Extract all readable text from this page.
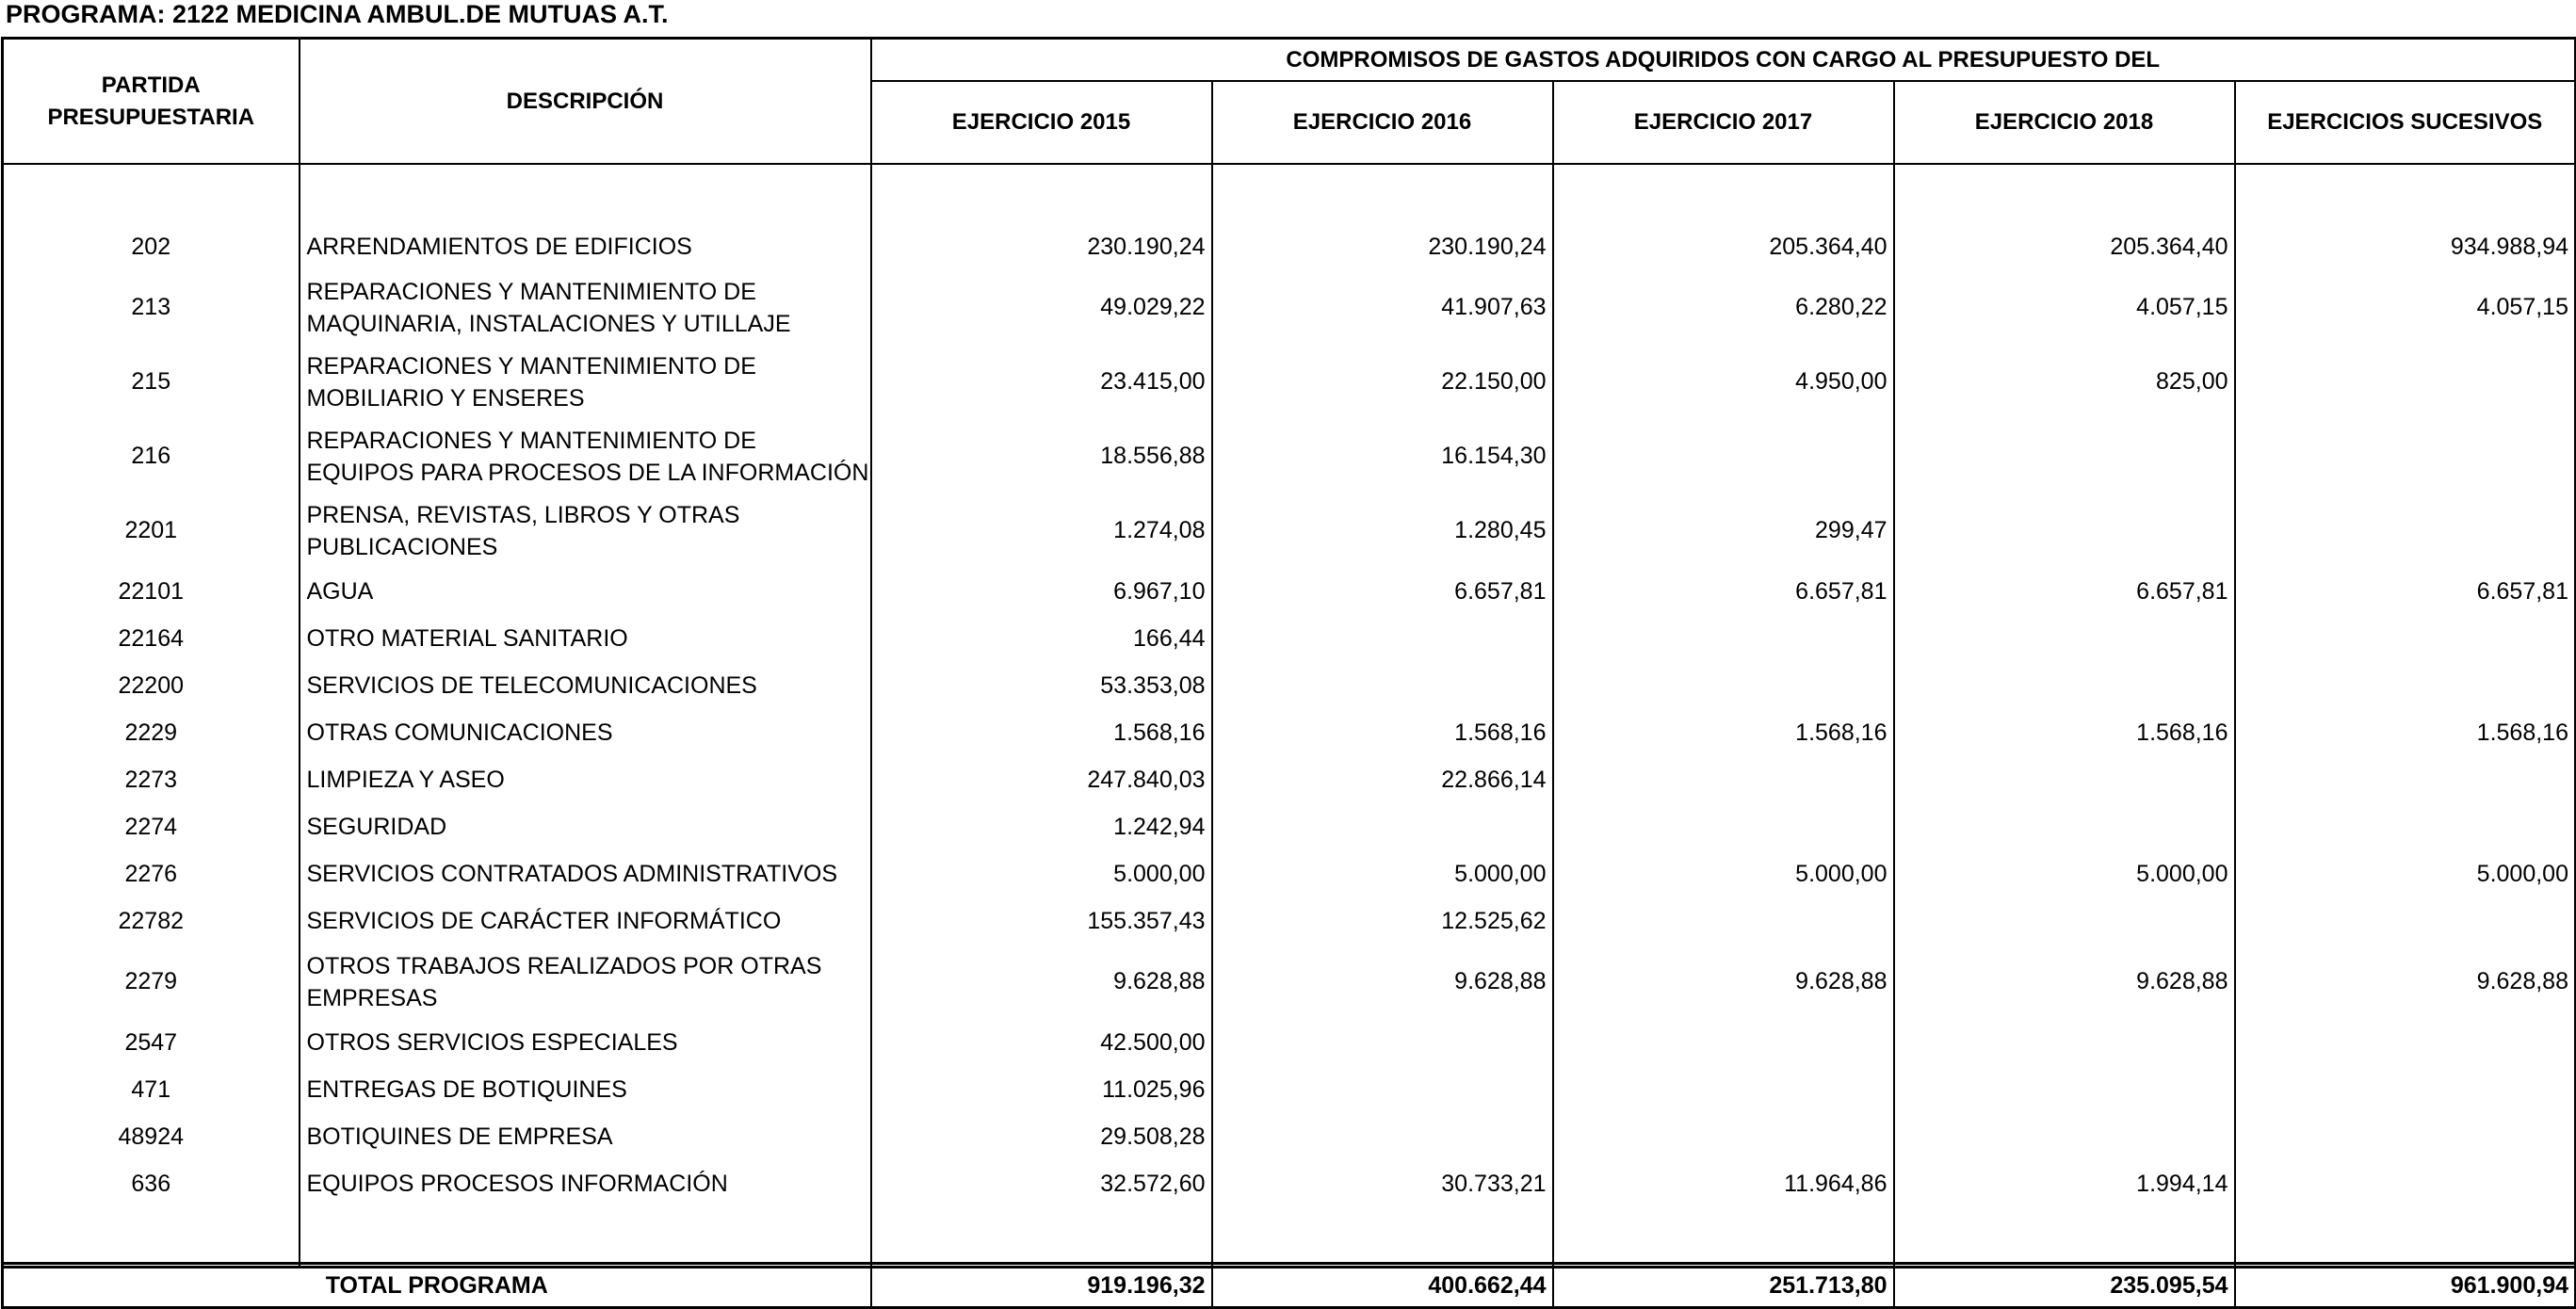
PROGRAMA: 2122 MEDICINA AMBUL.DE MUTUAS A.T.
PARTIDA PRESUPUESTARIA	DESCRIPCIÓN	COMPROMISOS DE GASTOS ADQUIRIDOS CON CARGO AL PRESUPUESTO DEL				
		EJERCICIO 2015	EJERCICIO 2016	EJERCICIO 2017	EJERCICIO 2018	EJERCICIOS SUCESIVOS

202	ARRENDAMIENTOS DE EDIFICIOS	230.190,24	230.190,24	205.364,40	205.364,40	934.988,94
213	REPARACIONES Y MANTENIMIENTO DE MAQUINARIA, INSTALACIONES Y UTILLAJE	49.029,22	41.907,63	6.280,22	4.057,15	4.057,15
215	REPARACIONES Y MANTENIMIENTO DE MOBILIARIO Y ENSERES	23.415,00	22.150,00	4.950,00	825,00	
216	REPARACIONES Y MANTENIMIENTO DE EQUIPOS PARA PROCESOS DE LA INFORMACIÓN	18.556,88	16.154,30			
2201	PRENSA, REVISTAS, LIBROS Y OTRAS PUBLICACIONES	1.274,08	1.280,45	299,47		
22101	AGUA	6.967,10	6.657,81	6.657,81	6.657,81	6.657,81
22164	OTRO MATERIAL SANITARIO	166,44				
22200	SERVICIOS DE TELECOMUNICACIONES	53.353,08				
2229	OTRAS COMUNICACIONES	1.568,16	1.568,16	1.568,16	1.568,16	1.568,16
2273	LIMPIEZA Y ASEO	247.840,03	22.866,14			
2274	SEGURIDAD	1.242,94				
2276	SERVICIOS CONTRATADOS ADMINISTRATIVOS	5.000,00	5.000,00	5.000,00	5.000,00	5.000,00
22782	SERVICIOS DE CARÁCTER INFORMÁTICO	155.357,43	12.525,62			
2279	OTROS TRABAJOS REALIZADOS POR OTRAS EMPRESAS	9.628,88	9.628,88	9.628,88	9.628,88	9.628,88
2547	OTROS SERVICIOS ESPECIALES	42.500,00				
471	ENTREGAS DE BOTIQUINES	11.025,96				
48924	BOTIQUINES DE EMPRESA	29.508,28				
636	EQUIPOS PROCESOS INFORMACIÓN	32.572,60	30.733,21	11.964,86	1.994,14	

TOTAL PROGRAMA	919.196,32	400.662,44	251.713,80	235.095,54	961.900,94
